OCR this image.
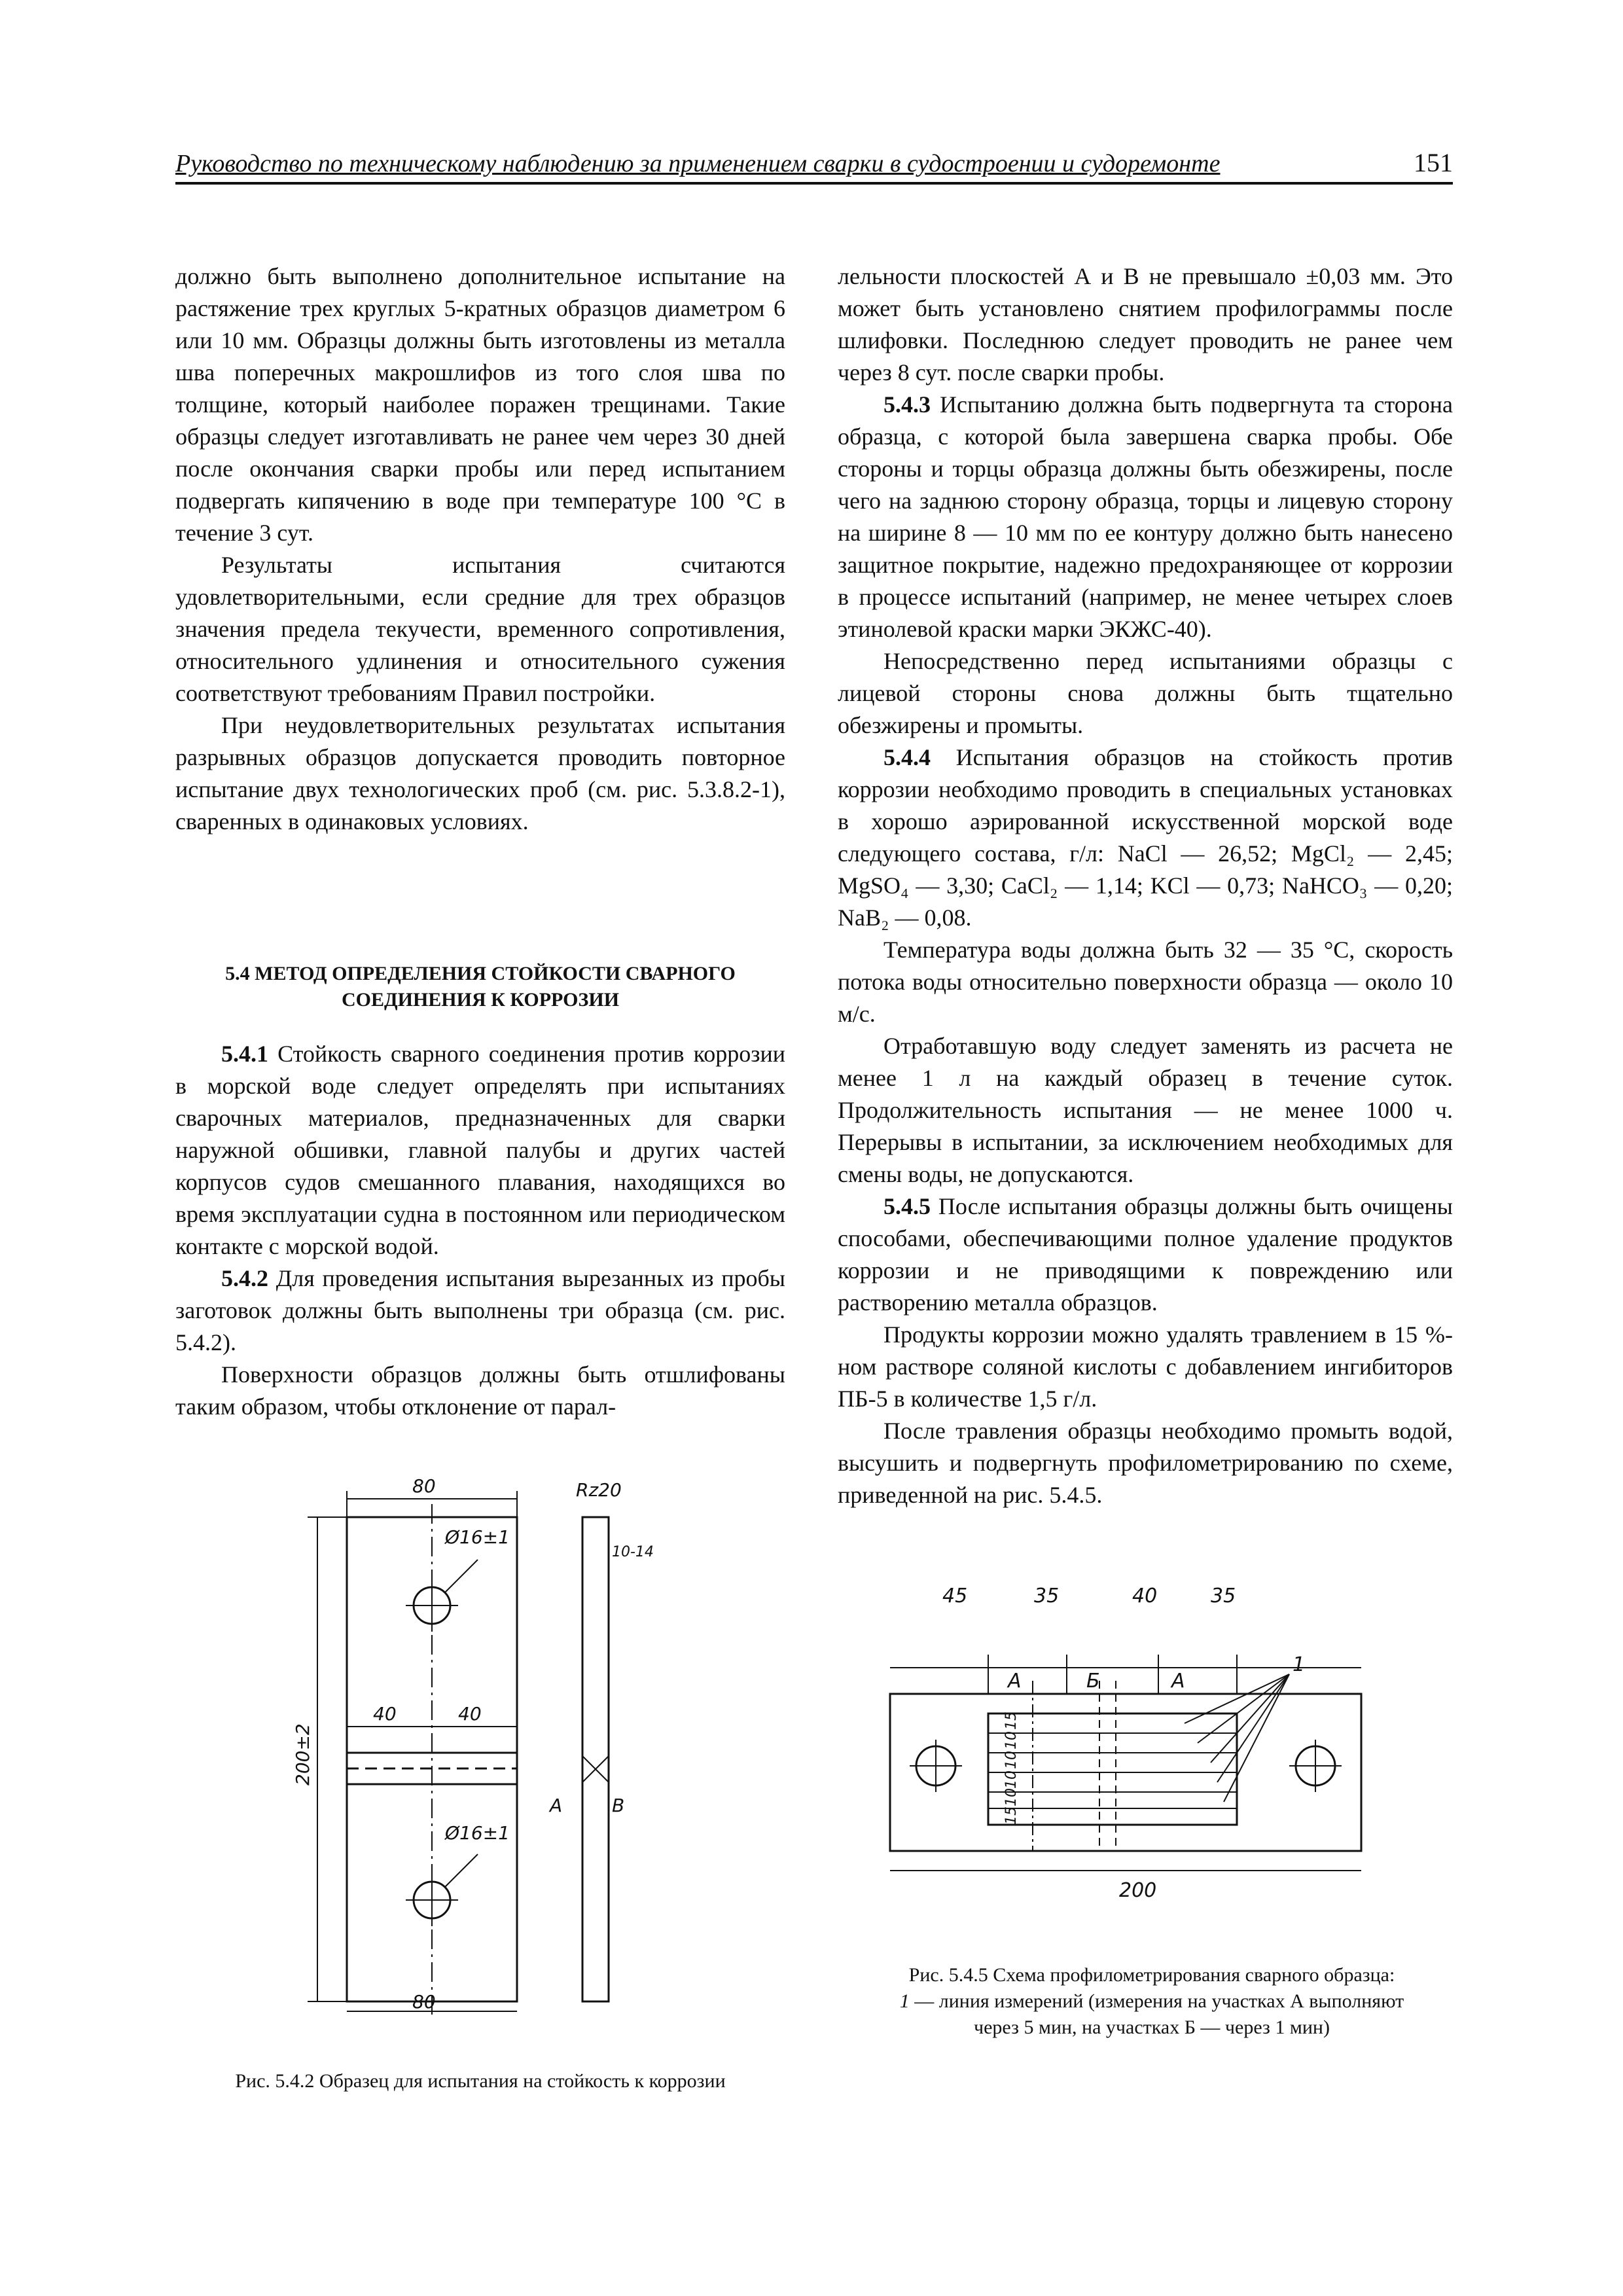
Руководство по техническому наблюдению за применением сварки в судостроении и судоремонте	151

должно быть выполнено дополнительное испытание на растяжение трех круглых 5-кратных образцов диаметром 6 или 10 мм. Образцы должны быть изготовлены из металла шва поперечных макрошлифов из того слоя шва по толщине, который наиболее поражен трещинами. Такие образцы следует изготавливать не ранее чем через 30 дней после окончания сварки пробы или перед испытанием подвергать кипячению в воде при температуре 100 °C в течение 3 сут.

Результаты испытания считаются удовлетворительными, если средние для трех образцов значения предела текучести, временного сопротивления, относительного удлинения и относительного сужения соответствуют требованиям Правил постройки.

При неудовлетворительных результатах испытания разрывных образцов допускается проводить повторное испытание двух технологических проб (см. рис. 5.3.8.2-1), сваренных в одинаковых условиях.

5.4 МЕТОД ОПРЕДЕЛЕНИЯ СТОЙКОСТИ СВАРНОГО
СОЕДИНЕНИЯ К КОРРОЗИИ

5.4.1 Стойкость сварного соединения против коррозии в морской воде следует определять при испытаниях сварочных материалов, предназначенных для сварки наружной обшивки, главной палубы и других частей корпусов судов смешанного плавания, находящихся во время эксплуатации судна в постоянном или периодическом контакте с морской водой.

5.4.2 Для проведения испытания вырезанных из пробы заготовок должны быть выполнены три образца (см. рис. 5.4.2).

Поверхности образцов должны быть отшлифованы таким образом, чтобы отклонение от парал-

лельности плоскостей А и В не превышало ±0,03 мм. Это может быть установлено снятием профилограммы после шлифовки. Последнюю следует проводить не ранее чем через 8 сут. после сварки пробы.

5.4.3 Испытанию должна быть подвергнута та сторона образца, с которой была завершена сварка пробы. Обе стороны и торцы образца должны быть обезжирены, после чего на заднюю сторону образца, торцы и лицевую сторону на ширине 8 — 10 мм по ее контуру должно быть нанесено защитное покрытие, надежно предохраняющее от коррозии в процессе испытаний (например, не менее четырех слоев этинолевой краски марки ЭКЖС-40).

Непосредственно перед испытаниями образцы с лицевой стороны снова должны быть тщательно обезжирены и промыты.

5.4.4 Испытания образцов на стойкость против коррозии необходимо проводить в специальных установках в хорошо аэрированной искусственной морской воде следующего состава, г/л: NaCl — 26,52; MgCl₂ — 2,45; MgSO₄ — 3,30; CaCl₂ — 1,14; KCl — 0,73; NaHCO₃ — 0,20; NaB₂ — 0,08.

Температура воды должна быть 32 — 35 °C, скорость потока воды относительно поверхности образца — около 10 м/с.

Отработавшую воду следует заменять из расчета не менее 1 л на каждый образец в течение суток. Продолжительность испытания — не менее 1000 ч. Перерывы в испытании, за исключением необходимых для смены воды, не допускаются.

5.4.5 После испытания образцы должны быть очищены способами, обеспечивающими полное удаление продуктов коррозии и не приводящими к повреждению или растворению металла образцов.

Продукты коррозии можно удалять травлением в 15 %-ном растворе соляной кислоты с добавлением ингибиторов ПБ-5 в количестве 1,5 г/л.

После травления образцы необходимо промыть водой, высушить и подвергнуть профилометрированию по схеме, приведенной на рис. 5.4.5.

80
Ø16±1
40	40
200±2
Ø16±1
80
Rz20
10-14
А	В
45	35	40	35
А	Б	А
1
200
15
10
10
10
10
15
Рис. 5.4.2 Образец для испытания на стойкость к коррозии
Рис. 5.4.5 Схема профилометрирования сварного образца:
1 — линия измерений (измерения на участках А выполняют
через 5 мин, на участках Б — через 1 мин)
